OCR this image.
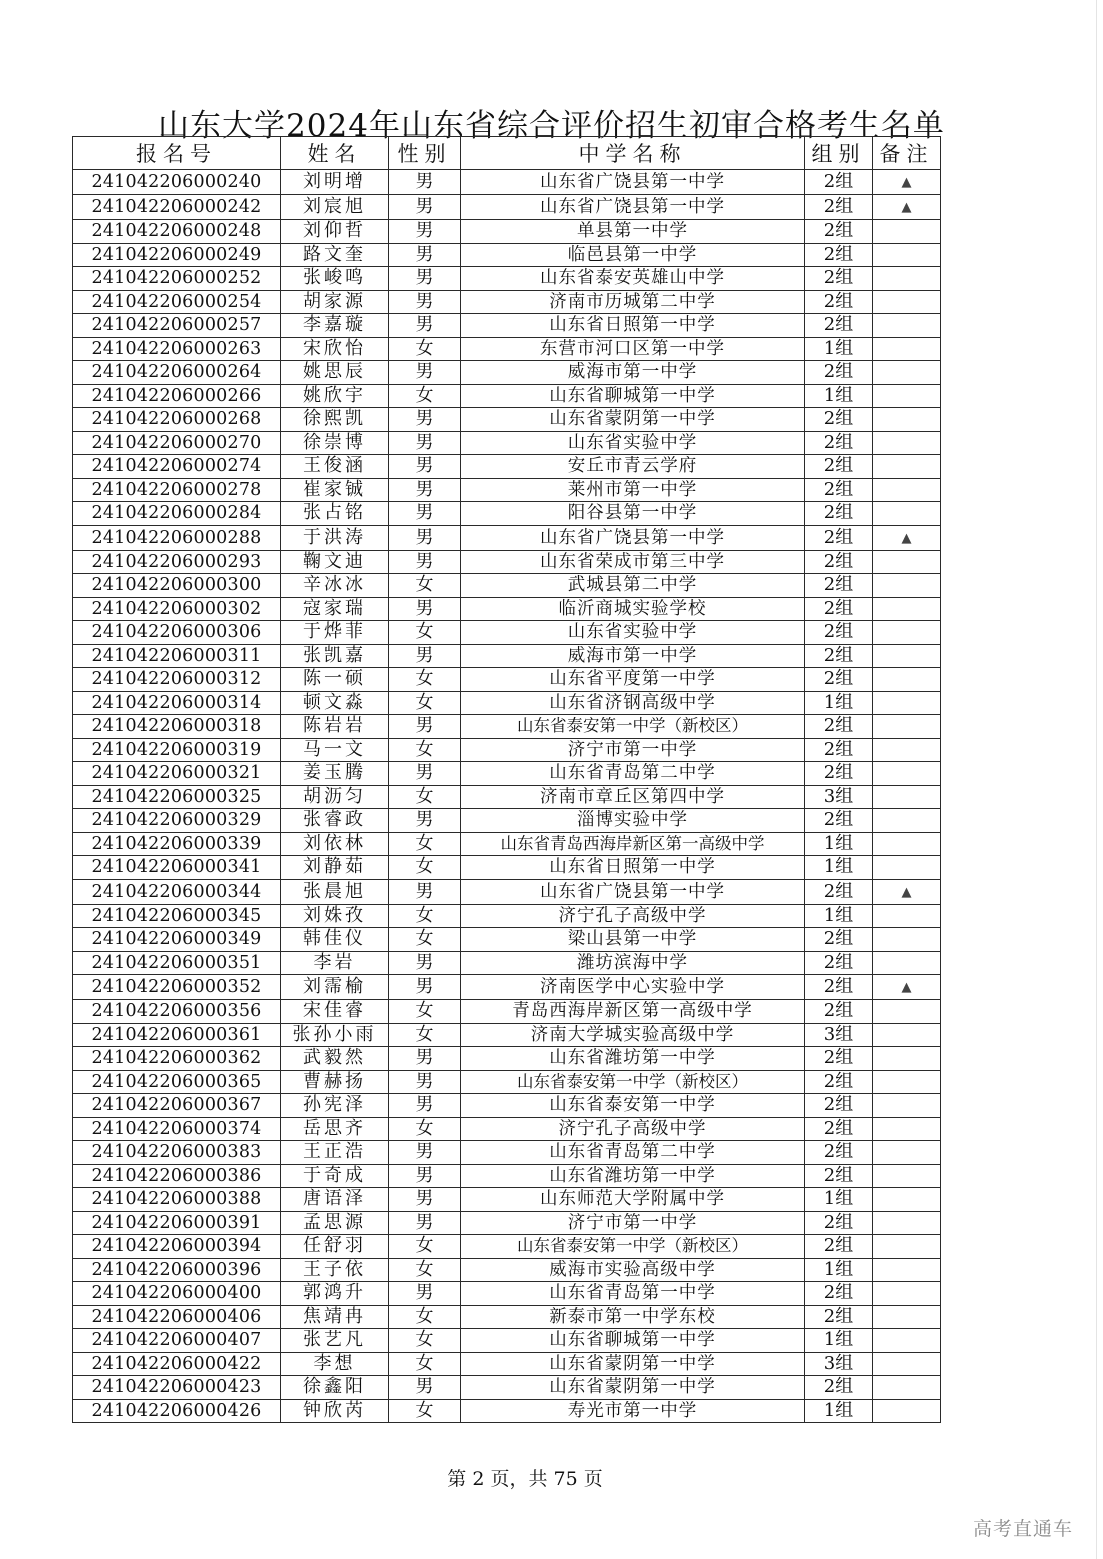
山东大学2024年山东省综合评价招生初审合格考生名单
报名号	姓名	性别	中学名称	组别	备注
241042206000240	刘明增	男	山东省广饶县第一中学	2组	▲
241042206000242	刘宸旭	男	山东省广饶县第一中学	2组	▲
241042206000248	刘仰哲	男	单县第一中学	2组	
241042206000249	路文奎	男	临邑县第一中学	2组	
241042206000252	张峻鸣	男	山东省泰安英雄山中学	2组	
241042206000254	胡家源	男	济南市历城第二中学	2组	
241042206000257	李嘉璇	男	山东省日照第一中学	2组	
241042206000263	宋欣怡	女	东营市河口区第一中学	1组	
241042206000264	姚思辰	男	威海市第一中学	2组	
241042206000266	姚欣宇	女	山东省聊城第一中学	1组	
241042206000268	徐熙凯	男	山东省蒙阴第一中学	2组	
241042206000270	徐崇博	男	山东省实验中学	2组	
241042206000274	王俊涵	男	安丘市青云学府	2组	
241042206000278	崔家铖	男	莱州市第一中学	2组	
241042206000284	张占铭	男	阳谷县第一中学	2组	
241042206000288	于洪涛	男	山东省广饶县第一中学	2组	▲
241042206000293	鞠文迪	男	山东省荣成市第三中学	2组	
241042206000300	辛冰冰	女	武城县第二中学	2组	
241042206000302	寇家瑞	男	临沂商城实验学校	2组	
241042206000306	于烨菲	女	山东省实验中学	2组	
241042206000311	张凯嘉	男	威海市第一中学	2组	
241042206000312	陈一硕	女	山东省平度第一中学	2组	
241042206000314	顿文淼	女	山东省济钢高级中学	1组	
241042206000318	陈岩岩	男	山东省泰安第一中学（新校区）	2组	
241042206000319	马一文	女	济宁市第一中学	2组	
241042206000321	姜玉腾	男	山东省青岛第二中学	2组	
241042206000325	胡沥匀	女	济南市章丘区第四中学	3组	
241042206000329	张睿政	男	淄博实验中学	2组	
241042206000339	刘依林	女	山东省青岛西海岸新区第一高级中学	1组	
241042206000341	刘静茹	女	山东省日照第一中学	1组	
241042206000344	张晨旭	男	山东省广饶县第一中学	2组	▲
241042206000345	刘姝孜	女	济宁孔子高级中学	1组	
241042206000349	韩佳仪	女	梁山县第一中学	2组	
241042206000351	李岩	男	潍坊滨海中学	2组	
241042206000352	刘霈榆	男	济南医学中心实验中学	2组	▲
241042206000356	宋佳睿	女	青岛西海岸新区第一高级中学	2组	
241042206000361	张孙小雨	女	济南大学城实验高级中学	3组	
241042206000362	武毅然	男	山东省潍坊第一中学	2组	
241042206000365	曹赫扬	男	山东省泰安第一中学（新校区）	2组	
241042206000367	孙宪泽	男	山东省泰安第一中学	2组	
241042206000374	岳思齐	女	济宁孔子高级中学	2组	
241042206000383	王正浩	男	山东省青岛第二中学	2组	
241042206000386	于奇成	男	山东省潍坊第一中学	2组	
241042206000388	唐语泽	男	山东师范大学附属中学	1组	
241042206000391	孟思源	男	济宁市第一中学	2组	
241042206000394	任舒羽	女	山东省泰安第一中学（新校区）	2组	
241042206000396	王子依	女	威海市实验高级中学	1组	
241042206000400	郭鸿升	男	山东省青岛第一中学	2组	
241042206000406	焦靖冉	女	新泰市第一中学东校	2组	
241042206000407	张艺凡	女	山东省聊城第一中学	1组	
241042206000422	李想	女	山东省蒙阴第一中学	3组	
241042206000423	徐鑫阳	男	山东省蒙阴第一中学	2组	
241042206000426	钟欣芮	女	寿光市第一中学	1组	
第 2 页，共 75 页
高考直通车
